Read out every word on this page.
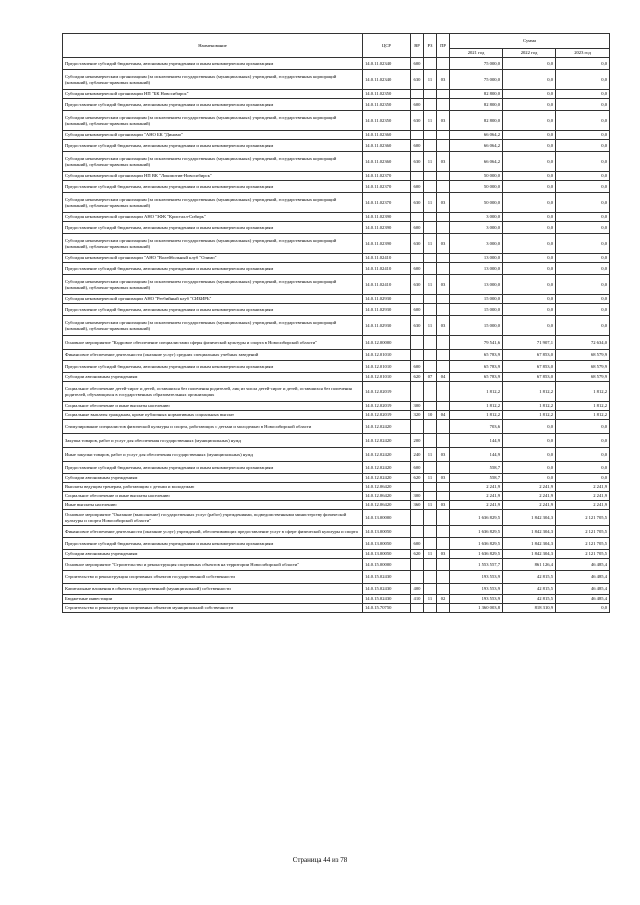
Наименование	ЦСР	ВР	РЗ	ПР	Сумма		
					2021 год	2022 год	2023 год
Предоставление субсидий бюджетным, автономным учреждениям и иным некоммерческим организациям	14.0.11.02340	600			75 000,0	0,0	0,0
Субсидии некоммерческим организациям (за исключением государственных (муниципальных) учреждений, государственных корпораций (компаний), публично-правовых компаний)	14.0.11.02340	630	11	03	75 000,0	0,0	0,0
Субсидия некоммерческой организации НП "БК Новосибирск"	14.0.11.02350				82 800,0	0,0	0,0
Предоставление субсидий бюджетным, автономным учреждениям и иным некоммерческим организациям	14.0.11.02350	600			82 800,0	0,0	0,0
Субсидии некоммерческим организациям (за исключением государственных (муниципальных) учреждений, государственных корпораций (компаний), публично-правовых компаний)	14.0.11.02350	630	11	03	82 800,0	0,0	0,0
Субсидия некоммерческой организации "АНО БК "Динамо"	14.0.11.02360				66 064,2	0,0	0,0
Предоставление субсидий бюджетным, автономным учреждениям и иным некоммерческим организациям	14.0.11.02360	600			66 064,2	0,0	0,0
Субсидии некоммерческим организациям (за исключением государственных (муниципальных) учреждений, государственных корпораций (компаний), публично-правовых компаний)	14.0.11.02360	630	11	03	66 064,2	0,0	0,0
Субсидия некоммерческой организации НП ВК "Локомотив-Новосибирск"	14.0.11.02370				50 000,0	0,0	0,0
Предоставление субсидий бюджетным, автономным учреждениям и иным некоммерческим организациям	14.0.11.02370	600			50 000,0	0,0	0,0
Субсидии некоммерческим организациям (за исключением государственных (муниципальных) учреждений, государственных корпораций (компаний), публично-правовых компаний)	14.0.11.02370	630	11	03	50 000,0	0,0	0,0
Субсидия некоммерческой организации АНО "ЗФК "Кристалл-Сибирь"	14.0.11.02390				3 000,0	0,0	0,0
Предоставление субсидий бюджетным, автономным учреждениям и иным некоммерческим организациям	14.0.11.02390	600			3 000,0	0,0	0,0
Субсидии некоммерческим организациям (за исключением государственных (муниципальных) учреждений, государственных корпораций (компаний), публично-правовых компаний)	14.0.11.02390	630	11	03	3 000,0	0,0	0,0
Субсидия некоммерческой организации "АНО "Волейбольный клуб "Олимп"	14.0.11.02410				13 000,0	0,0	0,0
Предоставление субсидий бюджетным, автономным учреждениям и иным некоммерческим организациям	14.0.11.02410	600			13 000,0	0,0	0,0
Субсидии некоммерческим организациям (за исключением государственных (муниципальных) учреждений, государственных корпораций (компаний), публично-правовых компаний)	14.0.11.02410	630	11	03	13 000,0	0,0	0,0
Субсидия некоммерческой организации АНО "Регбийный клуб "СИБИРЬ"	14.0.11.02930				15 000,0	0,0	0,0
Предоставление субсидий бюджетным, автономным учреждениям и иным некоммерческим организациям	14.0.11.02930	600			15 000,0	0,0	0,0
Субсидии некоммерческим организациям (за исключением государственных (муниципальных) учреждений, государственных корпораций (компаний), публично-правовых компаний)	14.0.11.02930	630	11	03	15 000,0	0,0	0,0
Основное мероприятие "Кадровое обеспечение специалистами сферы физической культуры и спорта в Новосибирской области"	14.0.12.00000				79 541,6	71 907,1	72 634,0
Финансовое обеспечение деятельности (оказание услуг) средних специальных учебных заведений	14.0.12.01010				65 783,9	67 853,0	68 579,9
Предоставление субсидий бюджетным, автономным учреждениям и иным некоммерческим организациям	14.0.12.01010	600			65 783,9	67 853,0	68 579,9
Субсидии автономным учреждениям	14.0.12.01010	620	07	04	65 783,9	67 853,0	68 579,9
Социальное обеспечение детей-сирот и детей, оставшихся без попечения родителей, лиц из числа детей-сирот и детей, оставшихся без попечения родителей, обучающихся в государственных образовательных организациях	14.0.12.02019				1 812,2	1 812,2	1 812,2
Социальное обеспечение и иные выплаты населению	14.0.12.02019	300			1 812,2	1 812,2	1 812,2
Социальные выплаты гражданам, кроме публичных нормативных социальных выплат	14.0.12.02019	320	10	04	1 812,2	1 812,2	1 812,2
Стимулирование специалистов физической культуры и спорта, работающих с детьми и молодежью в Новосибирской области	14.0.12.02420				703,6	0,0	0,0
Закупка товаров, работ и услуг для обеспечения государственных (муниципальных) нужд	14.0.12.02420	200			144,9	0,0	0,0
Иные закупки товаров, работ и услуг для обеспечения государственных (муниципальных) нужд	14.0.12.02420	240	11	03	144,9	0,0	0,0
Предоставление субсидий бюджетным, автономным учреждениям и иным некоммерческим организациям	14.0.12.02420	600			558,7	0,0	0,0
Субсидии автономным учреждениям	14.0.12.02420	620	11	03	558,7	0,0	0,0
Выплаты ведущим тренерам, работающим с детьми и молодежью	14.0.12.06420				2 241,9	2 241,9	2 241,9
Социальное обеспечение и иные выплаты населению	14.0.12.06420	300			2 241,9	2 241,9	2 241,9
Иные выплаты населению	14.0.12.06420	360	11	03	2 241,9	2 241,9	2 241,9
Основное мероприятие "Оказание (выполнение) государственных услуг (работ) учреждениями, подведомственными министерству физической культуры и спорта Новосибирской области"	14.0.13.00000				1 636 829,5	1 842 304,3	2 121 705,5
Финансовое обеспечение деятельности (оказание услуг) учреждений, обеспечивающих предоставление услуг в сфере физической культуры и спорта	14.0.13.00050				1 636 829,5	1 842 304,3	2 121 705,5
Предоставление субсидий бюджетным, автономным учреждениям и иным некоммерческим организациям	14.0.13.00050	600			1 636 829,5	1 842 304,3	2 121 705,5
Субсидии автономным учреждениям	14.0.13.00050	620	11	03	1 636 829,5	1 842 304,3	2 121 705,5
Основное мероприятие "Строительство и реконструкция спортивных объектов на территории Новосибирской области"	14.0.15.00000				1 553 557,7	861 126,4	46 485,4
Строительство и реконструкция спортивных объектов государственной собственности	14.0.15.02430				193 553,9	42 815,5	46 485,4
Капитальные вложения в объекты государственной (муниципальной) собственности	14.0.15.02430	400			193 553,9	42 815,5	46 485,4
Бюджетные инвестиции	14.0.15.02430	410	11	02	193 553,9	42 815,5	46 485,4
Строительство и реконструкция спортивных объектов муниципальной собственности	14.0.15.70750				1 360 003,8	818 310,9	0,0
Страница 44 из 78
